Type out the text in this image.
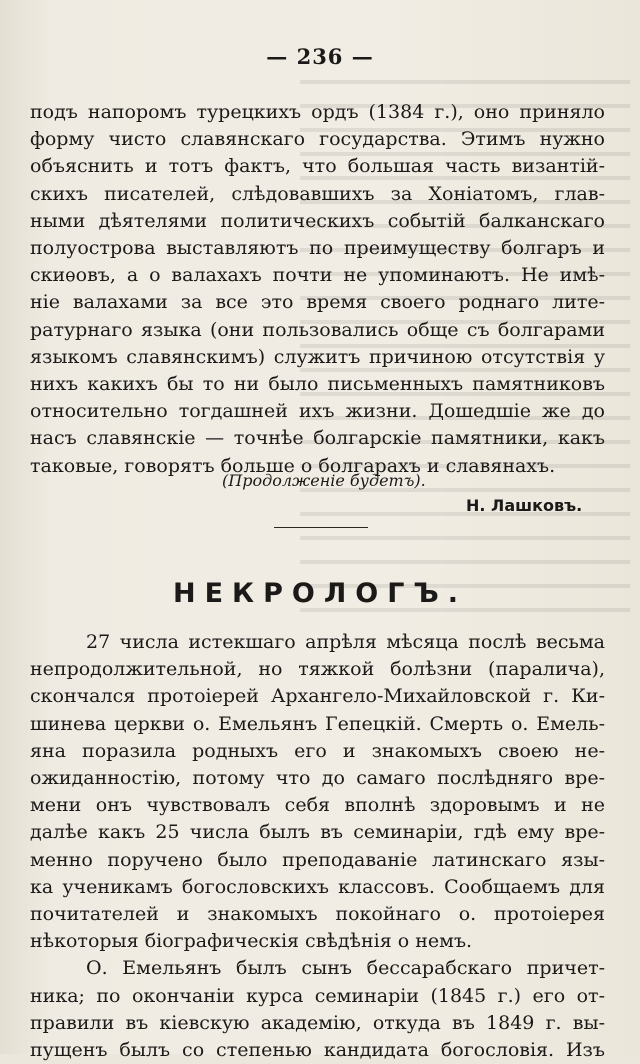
— 236 —
подъ напоромъ турецкихъ ордъ (1384 г.), оно приняло
форму чисто славянскаго государства. Этимъ нужно
объяснить и тотъ фактъ, что большая часть византій-
скихъ писателей, слѣдовавшихъ за Хоніатомъ, глав-
ными дѣятелями политическихъ событій балканскаго
полуострова выставляютъ по преимуществу болгаръ и
скиѳовъ, а о валахахъ почти не упоминаютъ. Не имѣ-
ніе валахами за все это время своего роднаго лите-
ратурнаго языка (они пользовались общe съ болгарами
языкомъ славянскимъ) служитъ причиною отсутствія у
нихъ какихъ бы то ни было письменныхъ памятниковъ
относительно тогдашней ихъ жизни. Дошедшіе же до
насъ славянскіе — точнѣе болгарскіе памятники, какъ
таковые, говорятъ больше о болгарахъ и славянахъ.
(Продолженіе будетъ).
Н. Лашковъ.
НЕКРОЛОГЪ.
27 числа истекшаго апрѣля мѣсяца послѣ весьма
непродолжительной, но тяжкой болѣзни (паралича),
скончался протоіерей Архангело-Михайловской г. Ки-
шинева церкви о. Емельянъ Гепецкій. Смерть о. Емель-
яна поразила родныхъ его и знакомыхъ своею не-
ожиданностію, потому что до самаго послѣдняго вре-
мени онъ чувствовалъ себя вполнѣ здоровымъ и не
далѣе какъ 25 числа былъ въ семинаріи, гдѣ ему вре-
менно поручено было преподаваніе латинскаго язы-
ка ученикамъ богословскихъ классовъ. Сообщаемъ для
почитателей и знакомыхъ покойнаго о. протоіерея
нѣкоторыя біографическія свѣдѣнія о немъ.
О. Емельянъ былъ сынъ бессарабскаго причет-
ника; по окончаніи курса семинаріи (1845 г.) его от-
правили въ кіевскую академію, откуда въ 1849 г. вы-
пущенъ былъ со степенью кандидата богословія. Изъ
